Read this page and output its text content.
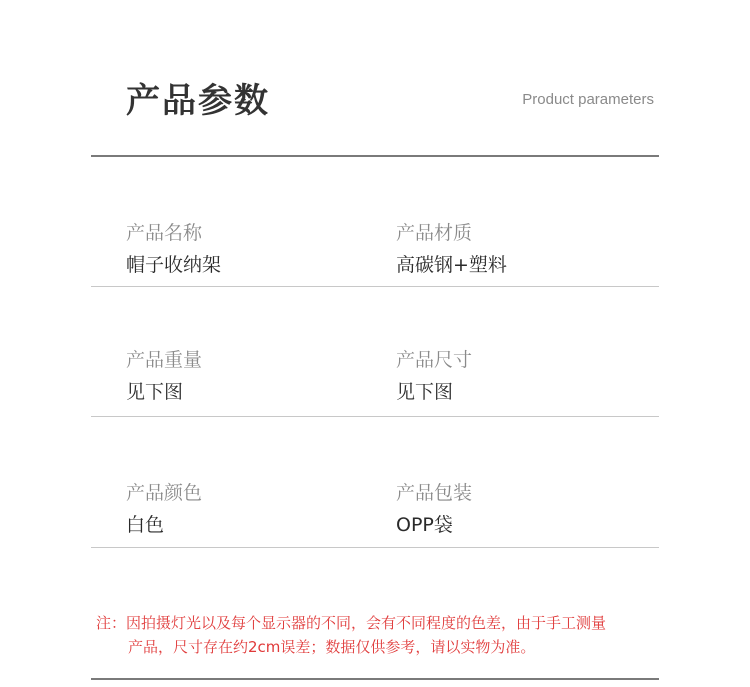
产品参数	Product parameters
产品名称
帽子收纳架
产品材质
高碳钢+塑料
产品重量
见下图
产品尺寸
见下图
产品颜色
白色
产品包装
OPP袋
注：因拍摄灯光以及每个显示器的不同，会有不同程度的色差，由于手工测量
产品，尺寸存在约2cm误差；数据仅供参考，请以实物为准。
